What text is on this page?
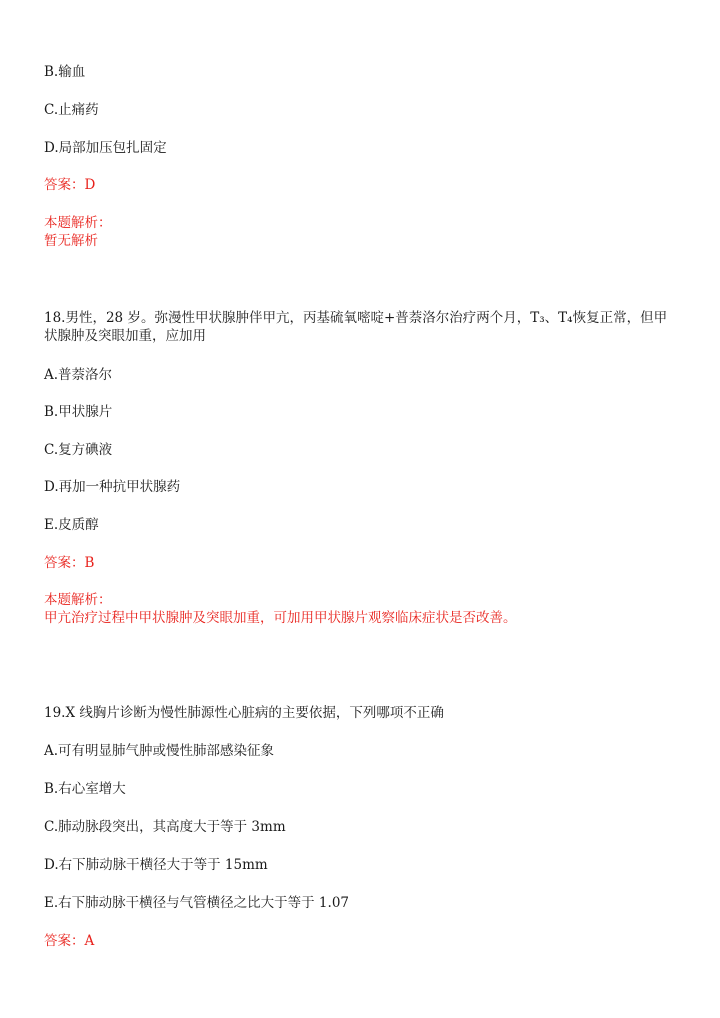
B.输血
C.止痛药
D.局部加压包扎固定
答案：D
本题解析：
暂无解析
18.男性，28 岁。弥漫性甲状腺肿伴甲亢，丙基硫氧嘧啶+普萘洛尔治疗两个月，T₃、T₄恢复正常，但甲状腺肿及突眼加重，应加用
A.普萘洛尔
B.甲状腺片
C.复方碘液
D.再加一种抗甲状腺药
E.皮质醇
答案：B
本题解析：
甲亢治疗过程中甲状腺肿及突眼加重，可加用甲状腺片观察临床症状是否改善。
19.X 线胸片诊断为慢性肺源性心脏病的主要依据，下列哪项不正确
A.可有明显肺气肿或慢性肺部感染征象
B.右心室增大
C.肺动脉段突出，其高度大于等于 3mm
D.右下肺动脉干横径大于等于 15mm
E.右下肺动脉干横径与气管横径之比大于等于 1.07
答案：A
